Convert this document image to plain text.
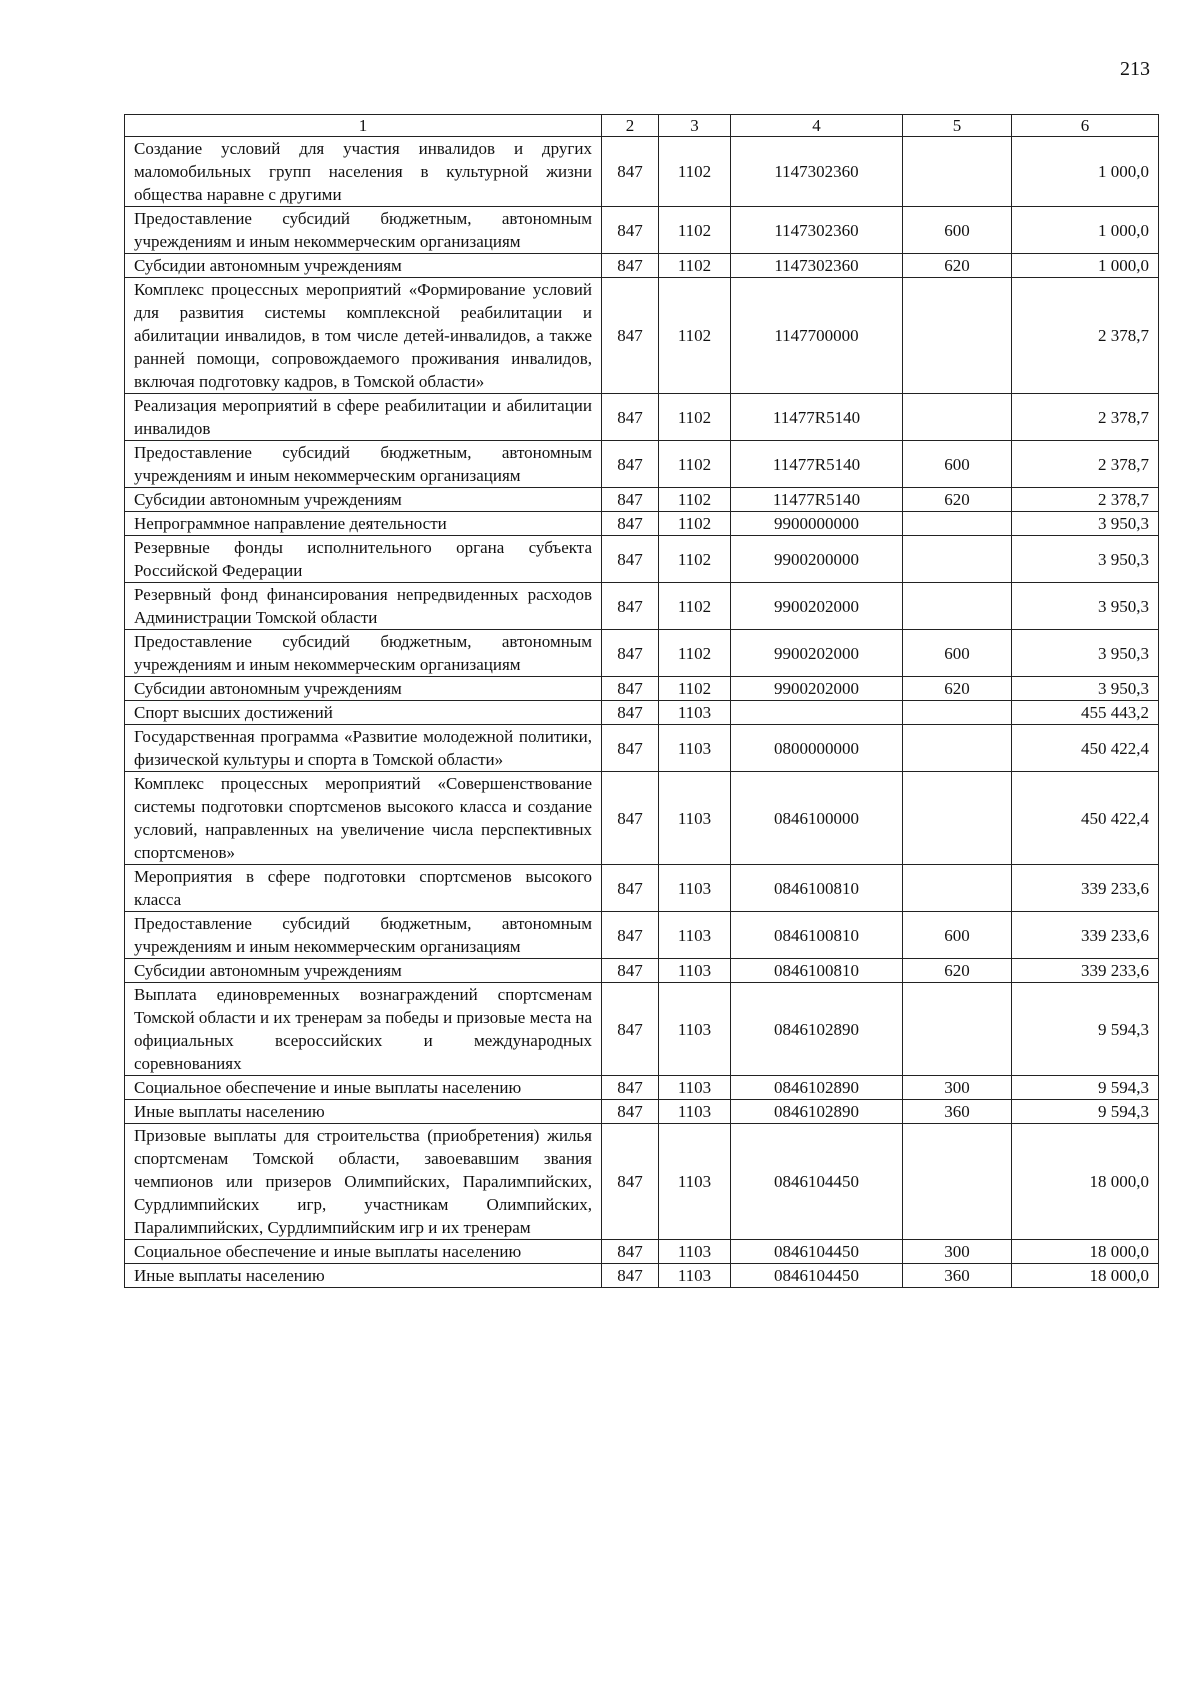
213
1	2	3	4	5	6
Создание условий для участия инвалидов и других маломобильных групп населения в культурной жизни общества наравне с другими	847	1102	1147302360		1 000,0
Предоставление субсидий бюджетным, автономным учреждениям и иным некоммерческим организациям	847	1102	1147302360	600	1 000,0
Субсидии автономным учреждениям	847	1102	1147302360	620	1 000,0
Комплекс процессных мероприятий «Формирование условий для развития системы комплексной реабилитации и абилитации инвалидов, в том числе детей-инвалидов, а также ранней помощи, сопровождаемого проживания инвалидов, включая подготовку кадров, в Томской области»	847	1102	1147700000		2 378,7
Реализация мероприятий в сфере реабилитации и абилитации инвалидов	847	1102	11477R5140		2 378,7
Предоставление субсидий бюджетным, автономным учреждениям и иным некоммерческим организациям	847	1102	11477R5140	600	2 378,7
Субсидии автономным учреждениям	847	1102	11477R5140	620	2 378,7
Непрограммное направление деятельности	847	1102	9900000000		3 950,3
Резервные фонды исполнительного органа субъекта Российской Федерации	847	1102	9900200000		3 950,3
Резервный фонд финансирования непредвиденных расходов Администрации Томской области	847	1102	9900202000		3 950,3
Предоставление субсидий бюджетным, автономным учреждениям и иным некоммерческим организациям	847	1102	9900202000	600	3 950,3
Субсидии автономным учреждениям	847	1102	9900202000	620	3 950,3
Спорт высших достижений	847	1103			455 443,2
Государственная программа «Развитие молодежной политики, физической культуры и спорта в Томской области»	847	1103	0800000000		450 422,4
Комплекс процессных мероприятий «Совершенствование системы подготовки спортсменов высокого класса и создание условий, направленных на увеличение числа перспективных спортсменов»	847	1103	0846100000		450 422,4
Мероприятия в сфере подготовки спортсменов высокого класса	847	1103	0846100810		339 233,6
Предоставление субсидий бюджетным, автономным учреждениям и иным некоммерческим организациям	847	1103	0846100810	600	339 233,6
Субсидии автономным учреждениям	847	1103	0846100810	620	339 233,6
Выплата единовременных вознаграждений спортсменам Томской области и их тренерам за победы и призовые места на официальных всероссийских и международных соревнованиях	847	1103	0846102890		9 594,3
Социальное обеспечение и иные выплаты населению	847	1103	0846102890	300	9 594,3
Иные выплаты населению	847	1103	0846102890	360	9 594,3
Призовые выплаты для строительства (приобретения) жилья спортсменам Томской области, завоевавшим звания чемпионов или призеров Олимпийских, Паралимпийских, Сурдлимпийских игр, участникам Олимпийских, Паралимпийских, Сурдлимпийским игр и их тренерам	847	1103	0846104450		18 000,0
Социальное обеспечение и иные выплаты населению	847	1103	0846104450	300	18 000,0
Иные выплаты населению	847	1103	0846104450	360	18 000,0
